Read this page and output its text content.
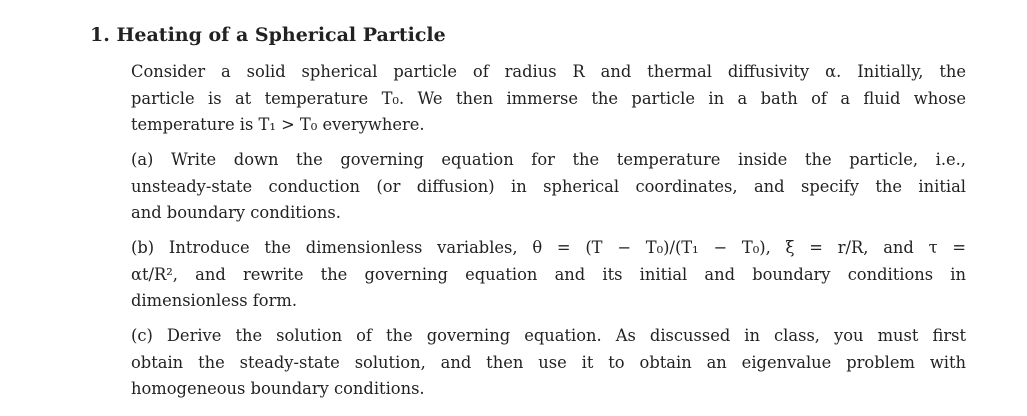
1. Heating of a Spherical Particle
Consider a solid spherical particle of radius R and thermal diffusivity α. Initially, the
particle is at temperature T₀. We then immerse the particle in a bath of a fluid whose
temperature is T₁ > T₀ everywhere.
(a) Write down the governing equation for the temperature inside the particle, i.e.,
unsteady-state conduction (or diffusion) in spherical coordinates, and specify the initial
and boundary conditions.
(b) Introduce the dimensionless variables, θ = (T − T₀)/(T₁ − T₀), ξ = r/R, and τ =
αt/R², and rewrite the governing equation and its initial and boundary conditions in
dimensionless form.
(c) Derive the solution of the governing equation. As discussed in class, you must first
obtain the steady-state solution, and then use it to obtain an eigenvalue problem with
homogeneous boundary conditions.
